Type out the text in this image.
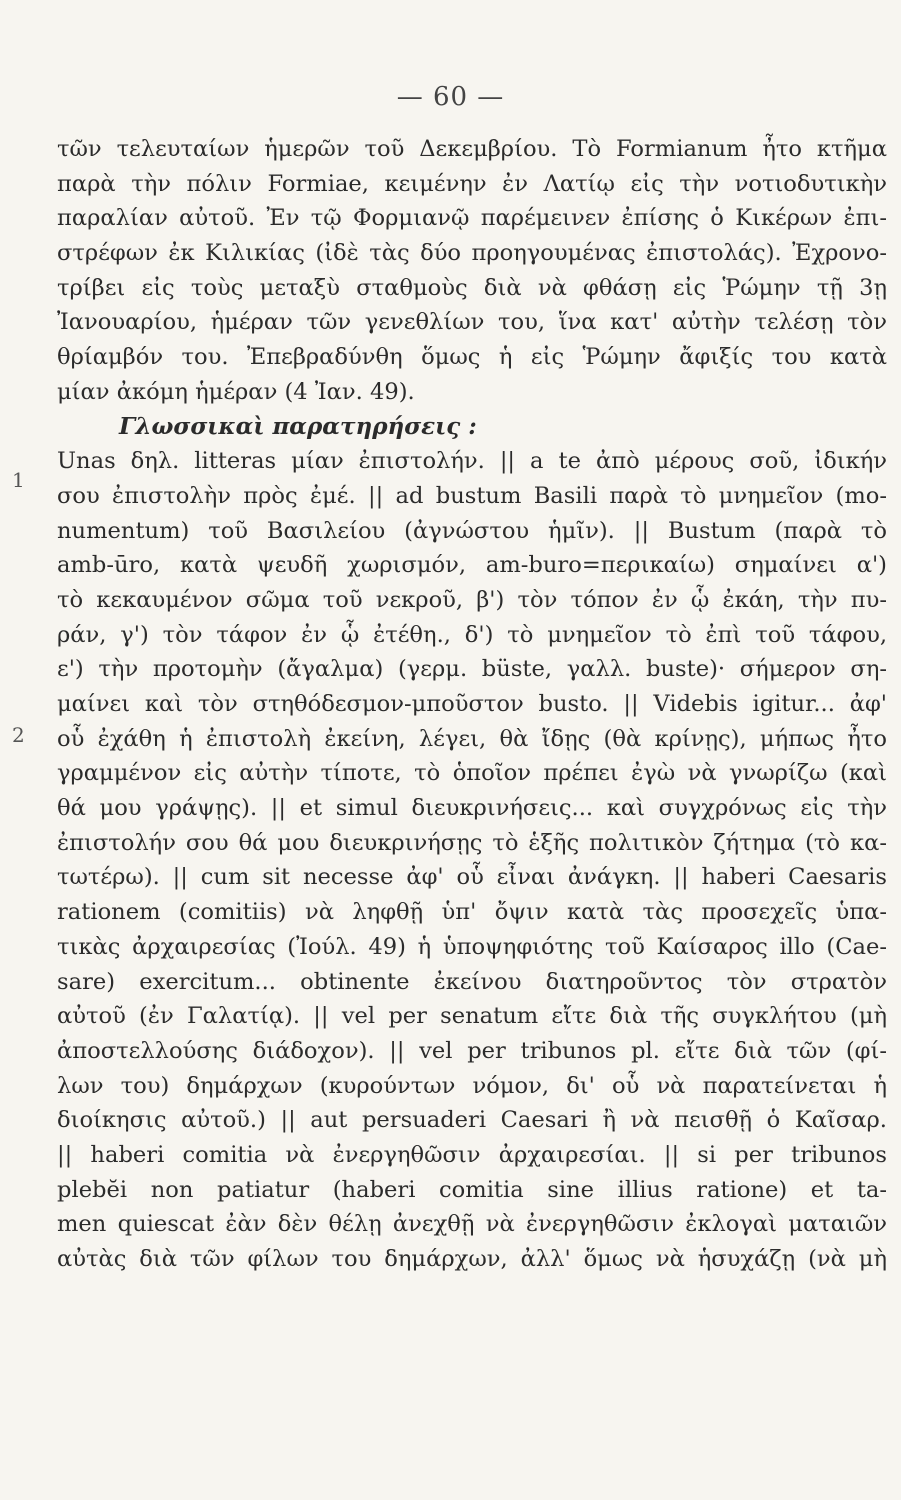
— 60 —
1
2
τῶν τελευταίων ἡμερῶν τοῦ Δεκεμβρίου. Τὸ Formianum ἦτο κτῆμα
παρὰ τὴν πόλιν Formiae, κειμένην ἐν Λατίῳ εἰς τὴν νοτιοδυτικὴν
παραλίαν αὐτοῦ. Ἐν τῷ Φορμιανῷ παρέμεινεν ἐπίσης ὁ Κικέρων ἐπι-
στρέφων ἐκ Κιλικίας (ἰδὲ τὰς δύο προηγουμένας ἐπιστολάς). Ἐχρονο-
τρίβει εἰς τοὺς μεταξὺ σταθμοὺς διὰ νὰ φθάσῃ εἰς Ῥώμην τῇ 3ῃ
Ἰανουαρίου, ἡμέραν τῶν γενεθλίων του, ἵνα κατ' αὐτὴν τελέσῃ τὸν
θρίαμβόν του. Ἐπεβραδύνθη ὅμως ἡ εἰς Ῥώμην ἄφιξίς του κατὰ
μίαν ἀκόμη ἡμέραν (4 Ἰαν. 49).
Γλωσσικαὶ παρατηρήσεις :
Unas δηλ. litteras μίαν ἐπιστολήν. || a te ἀπὸ μέρους σοῦ, ἰδικήν
σου ἐπιστολὴν πρὸς ἐμέ. || ad bustum Basili παρὰ τὸ μνημεῖον (mo-
numentum) τοῦ Βασιλείου (ἀγνώστου ἡμῖν). || Bustum (παρὰ τὸ
amb-ūro, κατὰ ψευδῆ χωρισμόν, am-buro=περικαίω) σημαίνει α')
τὸ κεκαυμένον σῶμα τοῦ νεκροῦ, β') τὸν τόπον ἐν ᾧ ἐκάη, τὴν πυ-
ράν, γ') τὸν τάφον ἐν ᾧ ἐτέθη., δ') τὸ μνημεῖον τὸ ἐπὶ τοῦ τάφου,
ε') τὴν προτομὴν (ἄγαλμα) (γερμ. büste, γαλλ. buste)· σήμερον ση-
μαίνει καὶ τὸν στηθόδεσμον-μποῦστον busto. || Videbis igitur... ἀφ'
οὗ ἐχάθη ἡ ἐπιστολὴ ἐκείνη, λέγει, θὰ ἴδῃς (θὰ κρίνῃς), μήπως ἦτο
γραμμένον εἰς αὐτὴν τίποτε, τὸ ὁποῖον πρέπει ἐγὼ νὰ γνωρίζω (καὶ
θά μου γράψῃς). || et simul διευκρινήσεις... καὶ συγχρόνως εἰς τὴν
ἐπιστολήν σου θά μου διευκρινήσῃς τὸ ἑξῆς πολιτικὸν ζήτημα (τὸ κα-
τωτέρω). || cum sit necesse ἀφ' οὗ εἶναι ἀνάγκη. || haberi Caesaris
rationem (comitiis) νὰ ληφθῇ ὑπ' ὄψιν κατὰ τὰς προσεχεῖς ὑπα-
τικὰς ἀρχαιρεσίας (Ἰούλ. 49) ἡ ὑποψηφιότης τοῦ Καίσαρος illo (Cae-
sare) exercitum... obtinente ἐκείνου διατηροῦντος τὸν στρατὸν
αὐτοῦ (ἐν Γαλατίᾳ). || vel per senatum εἴτε διὰ τῆς συγκλήτου (μὴ
ἀποστελλούσης διάδοχον). || vel per tribunos pl. εἴτε διὰ τῶν (φί-
λων του) δημάρχων (κυρούντων νόμον, δι' οὗ νὰ παρατείνεται ἡ
διοίκησις αὐτοῦ.) || aut persuaderi Caesari ἢ νὰ πεισθῇ ὁ Καῖσαρ.
|| haberi comitia νὰ ἐνεργηθῶσιν ἀρχαιρεσίαι. || si per tribunos
plebĕi non patiatur (haberi comitia sine illius ratione) et ta-
men quiescat ἐὰν δὲν θέλῃ ἀνεχθῇ νὰ ἐνεργηθῶσιν ἐκλογαὶ ματαιῶν
αὐτὰς διὰ τῶν φίλων του δημάρχων, ἀλλ' ὅμως νὰ ἡσυχάζῃ (νὰ μὴ
